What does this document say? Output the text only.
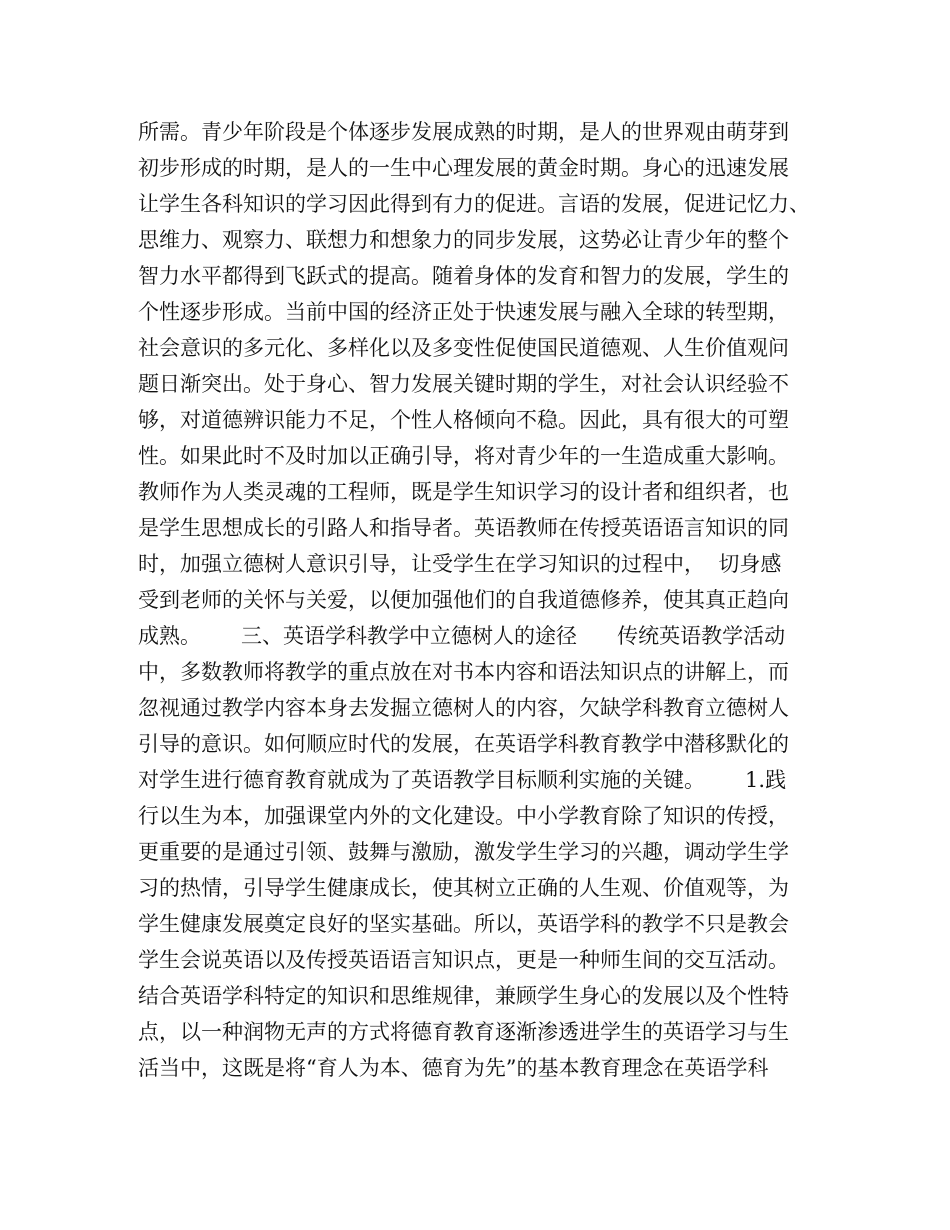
所需。青少年阶段是个体逐步发展成熟的时期，是人的世界观由萌芽到
初步形成的时期，是人的一生中心理发展的黄金时期。身心的迅速发展
让学生各科知识的学习因此得到有力的促进。言语的发展，促进记忆力、
思维力、观察力、联想力和想象力的同步发展，这势必让青少年的整个
智力水平都得到飞跃式的提高。随着身体的发育和智力的发展，学生的
个性逐步形成。当前中国的经济正处于快速发展与融入全球的转型期，
社会意识的多元化、多样化以及多变性促使国民道德观、人生价值观问
题日渐突出。处于身心、智力发展关键时期的学生，对社会认识经验不
够，对道德辨识能力不足，个性人格倾向不稳。因此，具有很大的可塑
性。如果此时不及时加以正确引导，将对青少年的一生造成重大影响。
教师作为人类灵魂的工程师，既是学生知识学习的设计者和组织者，也
是学生思想成长的引路人和指导者。英语教师在传授英语语言知识的同
时，加强立德树人意识引导，让受学生在学习知识的过程中，  切身感
受到老师的关怀与关爱，以便加强他们的自我道德修养，使其真正趋向
成熟。      三、英语学科教学中立德树人的途径      传统英语教学活动
中，多数教师将教学的重点放在对书本内容和语法知识点的讲解上，而
忽视通过教学内容本身去发掘立德树人的内容，欠缺学科教育立德树人
引导的意识。如何顺应时代的发展，在英语学科教育教学中潜移默化的
对学生进行德育教育就成为了英语教学目标顺利实施的关键。      1.践
行以生为本，加强课堂内外的文化建设。中小学教育除了知识的传授，
更重要的是通过引领、鼓舞与激励，激发学生学习的兴趣，调动学生学
习的热情，引导学生健康成长，使其树立正确的人生观、价值观等，为
学生健康发展奠定良好的坚实基础。所以，英语学科的教学不只是教会
学生会说英语以及传授英语语言知识点，更是一种师生间的交互活动。
结合英语学科特定的知识和思维规律，兼顾学生身心的发展以及个性特
点，以一种润物无声的方式将德育教育逐渐渗透进学生的英语学习与生
活当中，这既是将“育人为本、德育为先”的基本教育理念在英语学科
